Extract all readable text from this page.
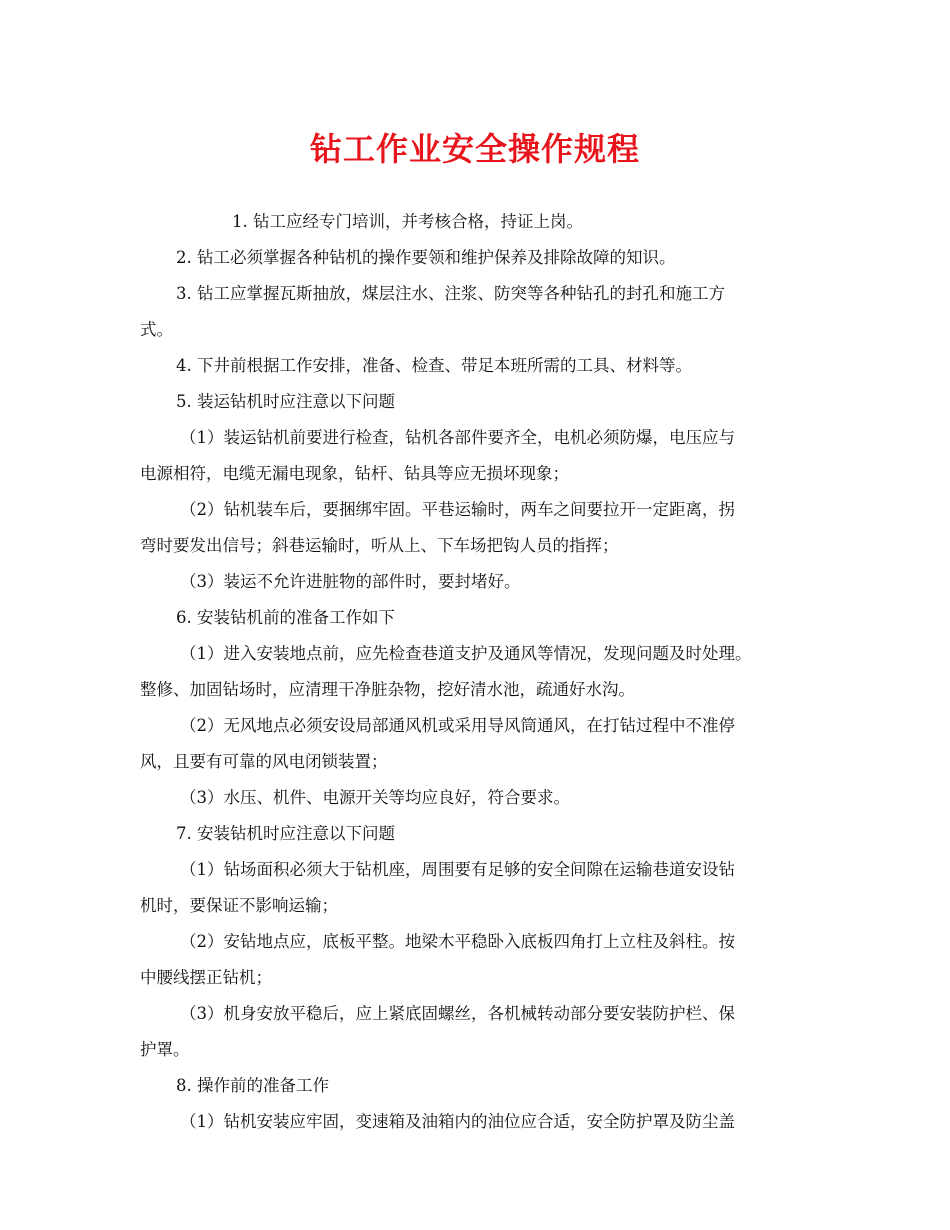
钻工作业安全操作规程

1. 钻工应经专门培训，并考核合格，持证上岗。

2. 钻工必须掌握各种钻机的操作要领和维护保养及排除故障的知识。

3. 钻工应掌握瓦斯抽放，煤层注水、注浆、防突等各种钻孔的封孔和施工方

式。

4. 下井前根据工作安排，准备、检查、带足本班所需的工具、材料等。

5. 装运钻机时应注意以下问题

（1）装运钻机前要进行检查，钻机各部件要齐全，电机必须防爆，电压应与

电源相符，电缆无漏电现象，钻杆、钻具等应无损坏现象；

（2）钻机装车后，要捆绑牢固。平巷运输时，两车之间要拉开一定距离，拐

弯时要发出信号；斜巷运输时，听从上、下车场把钩人员的指挥；

（3）装运不允许进脏物的部件时，要封堵好。

6. 安装钻机前的准备工作如下

（1）进入安装地点前，应先检查巷道支护及通风等情况，发现问题及时处理。

整修、加固钻场时，应清理干净脏杂物，挖好清水池，疏通好水沟。

（2）无风地点必须安设局部通风机或采用导风筒通风，在打钻过程中不准停

风，且要有可靠的风电闭锁装置；

（3）水压、机件、电源开关等均应良好，符合要求。

7. 安装钻机时应注意以下问题

（1）钻场面积必须大于钻机座，周围要有足够的安全间隙在运输巷道安设钻

机时，要保证不影响运输；

（2）安钻地点应，底板平整。地梁木平稳卧入底板四角打上立柱及斜柱。按

中腰线摆正钻机；

（3）机身安放平稳后，应上紧底固螺丝，各机械转动部分要安装防护栏、保

护罩。

8. 操作前的准备工作

（1）钻机安装应牢固，变速箱及油箱内的油位应合适，安全防护罩及防尘盖
